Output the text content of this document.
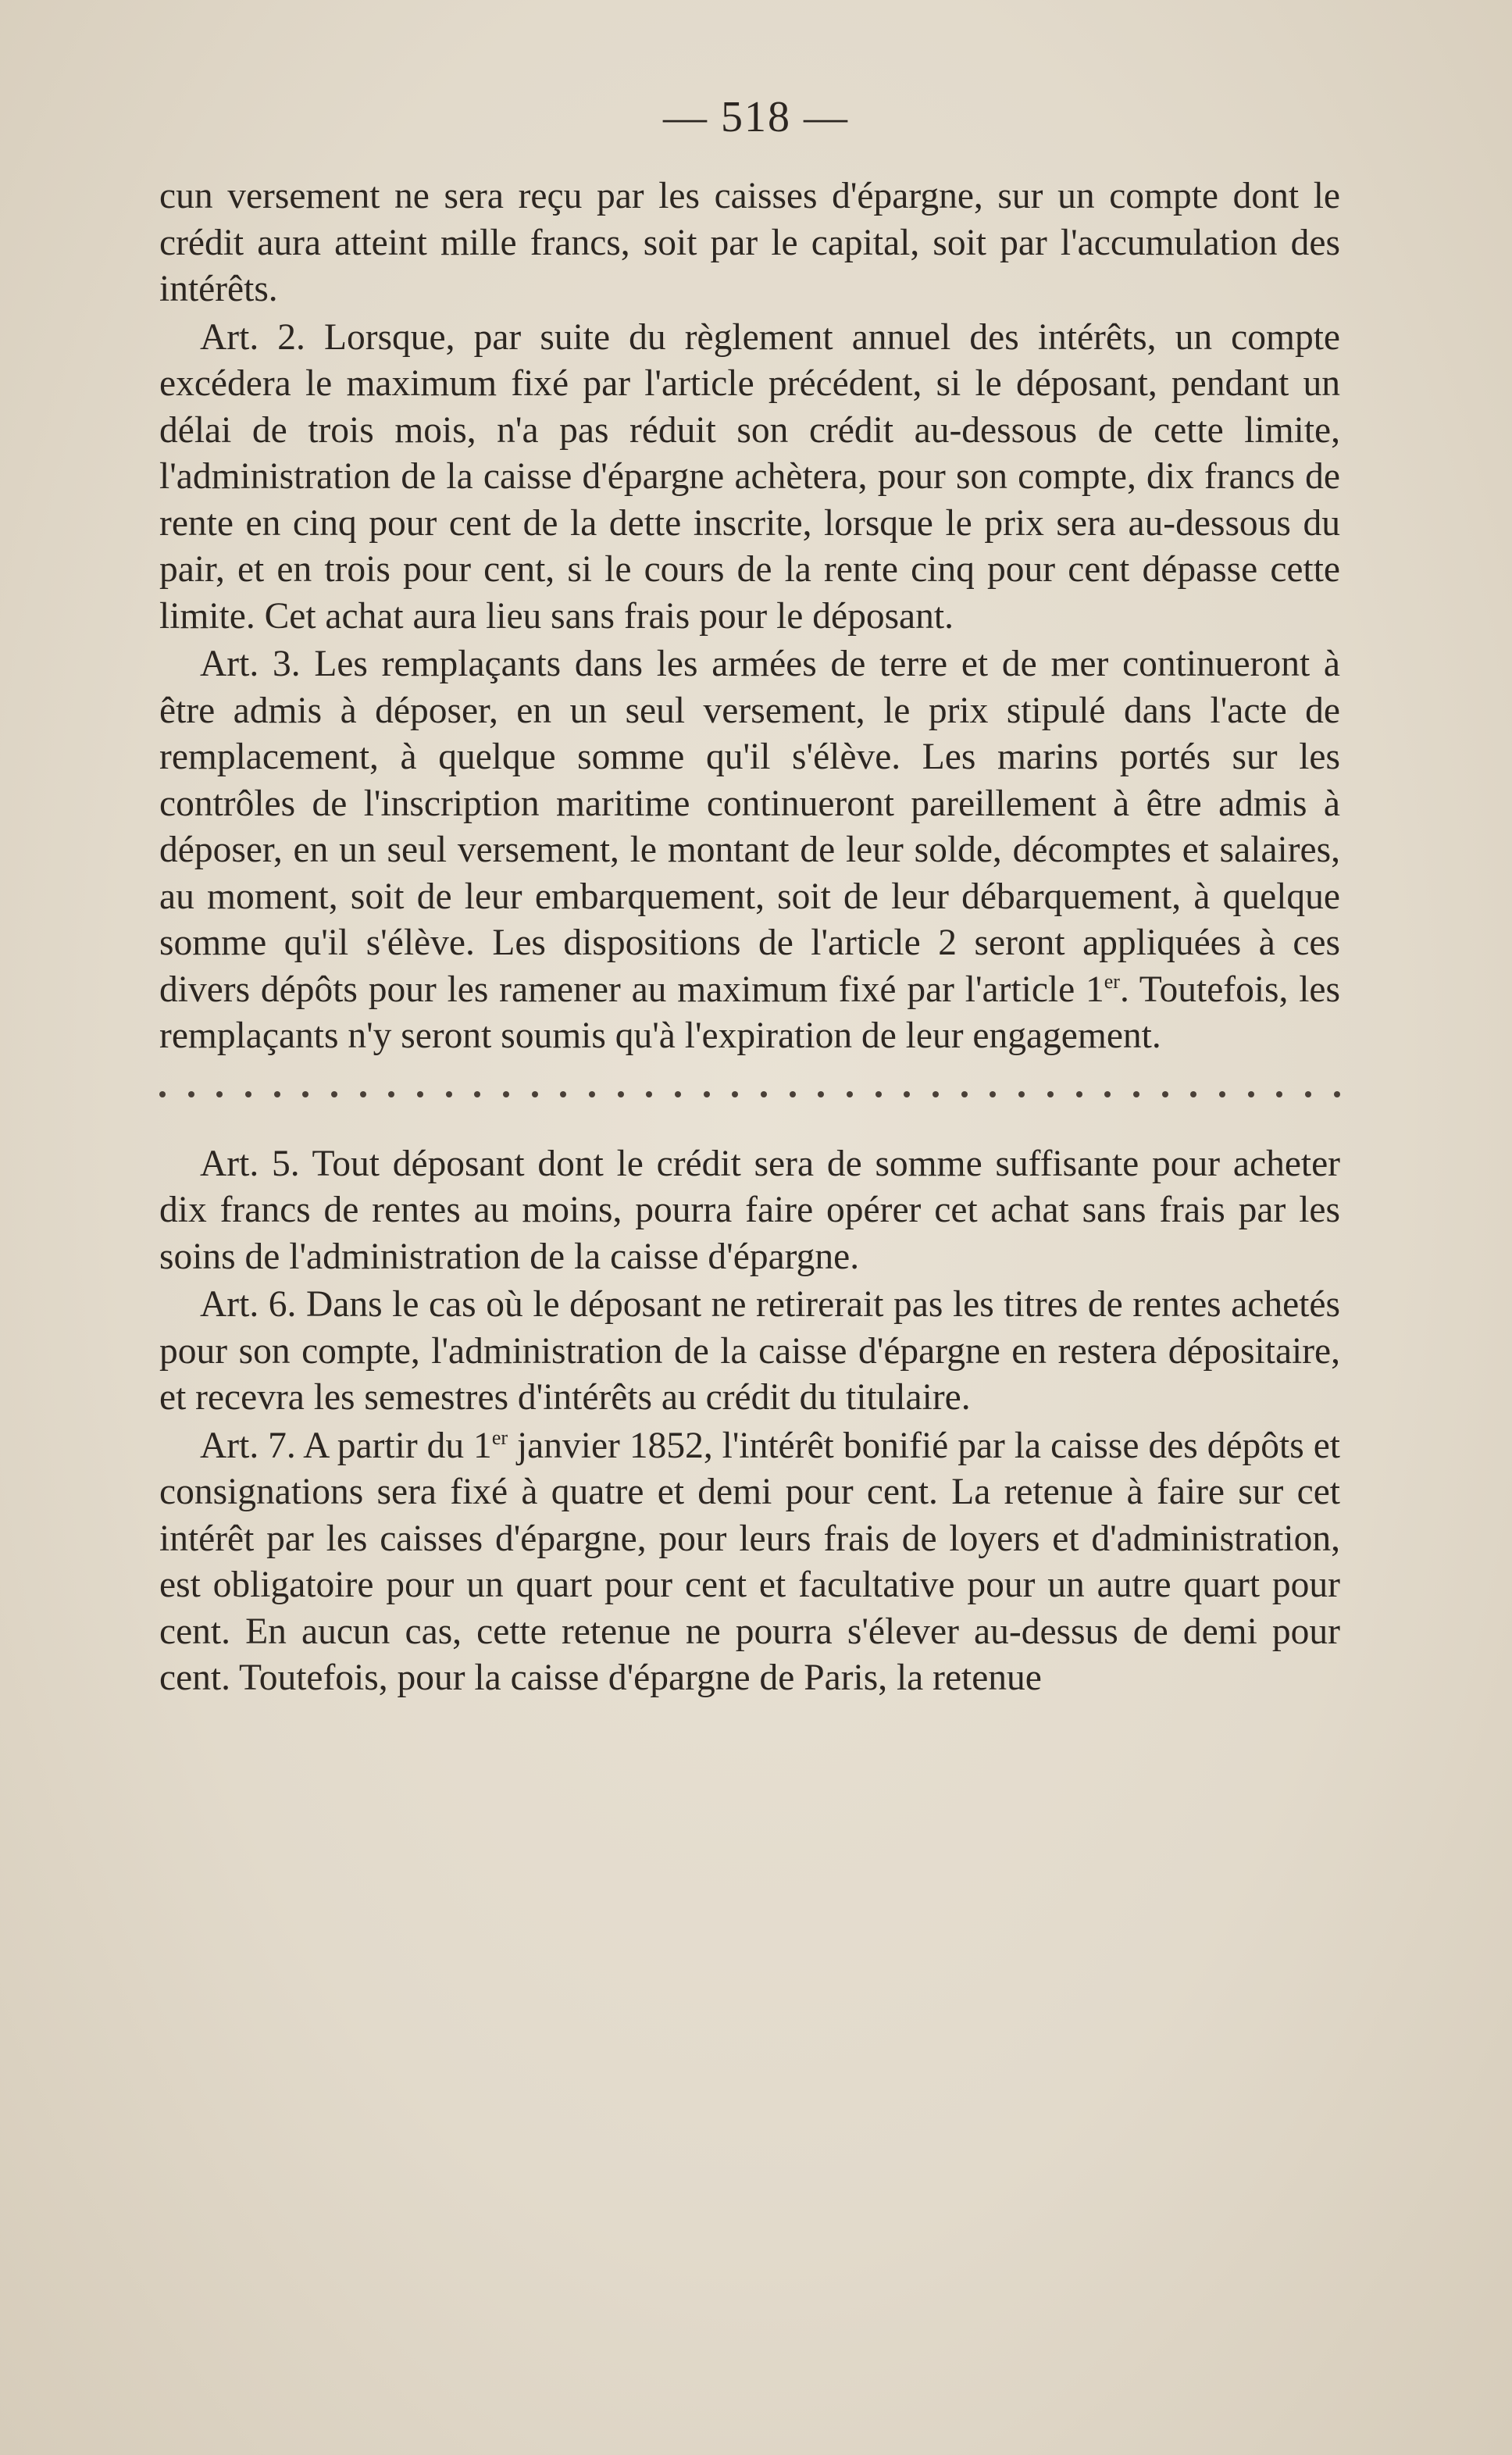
— 518 —

cun versement ne sera reçu par les caisses d'épargne, sur un compte dont le crédit aura atteint mille francs, soit par le capital, soit par l'accumulation des intérêts.

Art. 2. Lorsque, par suite du règlement annuel des intérêts, un compte excédera le maximum fixé par l'article précédent, si le déposant, pendant un délai de trois mois, n'a pas réduit son crédit au-dessous de cette limite, l'administration de la caisse d'épargne achètera, pour son compte, dix francs de rente en cinq pour cent de la dette inscrite, lorsque le prix sera au-dessous du pair, et en trois pour cent, si le cours de la rente cinq pour cent dépasse cette limite. Cet achat aura lieu sans frais pour le déposant.

Art. 3. Les remplaçants dans les armées de terre et de mer continueront à être admis à déposer, en un seul versement, le prix stipulé dans l'acte de remplacement, à quelque somme qu'il s'élève. Les marins portés sur les contrôles de l'inscription maritime continueront pareillement à être admis à déposer, en un seul versement, le montant de leur solde, décomptes et salaires, au moment, soit de leur embarquement, soit de leur débarquement, à quelque somme qu'il s'élève. Les dispositions de l'article 2 seront appliquées à ces divers dépôts pour les ramener au maximum fixé par l'article 1er. Toutefois, les remplaçants n'y seront soumis qu'à l'expiration de leur engagement.

Art. 5. Tout déposant dont le crédit sera de somme suffisante pour acheter dix francs de rentes au moins, pourra faire opérer cet achat sans frais par les soins de l'administration de la caisse d'épargne.

Art. 6. Dans le cas où le déposant ne retirerait pas les titres de rentes achetés pour son compte, l'administration de la caisse d'épargne en restera dépositaire, et recevra les semestres d'intérêts au crédit du titulaire.

Art. 7. A partir du 1er janvier 1852, l'intérêt bonifié par la caisse des dépôts et consignations sera fixé à quatre et demi pour cent. La retenue à faire sur cet intérêt par les caisses d'épargne, pour leurs frais de loyers et d'administration, est obligatoire pour un quart pour cent et facultative pour un autre quart pour cent. En aucun cas, cette retenue ne pourra s'élever au-dessus de demi pour cent. Toutefois, pour la caisse d'épargne de Paris, la retenue
